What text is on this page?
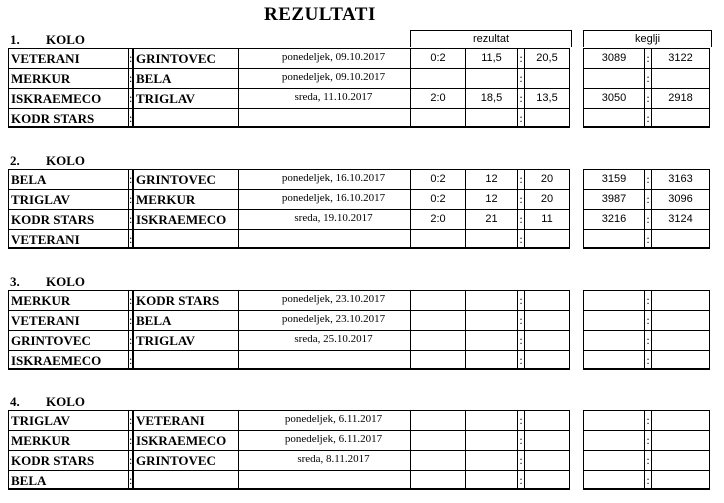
REZULTATI
rezultat	keglji
1. KOLO
VETERANI	: GRINTOVEC	ponedeljek, 09.10.2017	0:2	11,5	:	20,5	3089	:	3122
MERKUR	: BELA	ponedeljek, 09.10.2017	:	:
ISKRAEMECO	: TRIGLAV	sreda, 11.10.2017	2:0	18,5	:	13,5	3050	:	2918
KODR STARS	:	:	:
2. KOLO
BELA	: GRINTOVEC	ponedeljek, 16.10.2017	0:2	12	:	20	3159	:	3163
TRIGLAV	: MERKUR	ponedeljek, 16.10.2017	0:2	12	:	20	3987	:	3096
KODR STARS	: ISKRAEMECO	sreda, 19.10.2017	2:0	21	:	11	3216	:	3124
VETERANI	:	:	:
3. KOLO
MERKUR	: KODR STARS	ponedeljek, 23.10.2017	:	:
VETERANI	: BELA	ponedeljek, 23.10.2017	:	:
GRINTOVEC	: TRIGLAV	sreda, 25.10.2017	:	:
ISKRAEMECO	:	:	:
4. KOLO
TRIGLAV	: VETERANI	ponedeljek, 6.11.2017	:	:
MERKUR	: ISKRAEMECO	ponedeljek, 6.11.2017	:	:
KODR STARS	: GRINTOVEC	sreda, 8.11.2017	:	:
BELA	:	:	:
